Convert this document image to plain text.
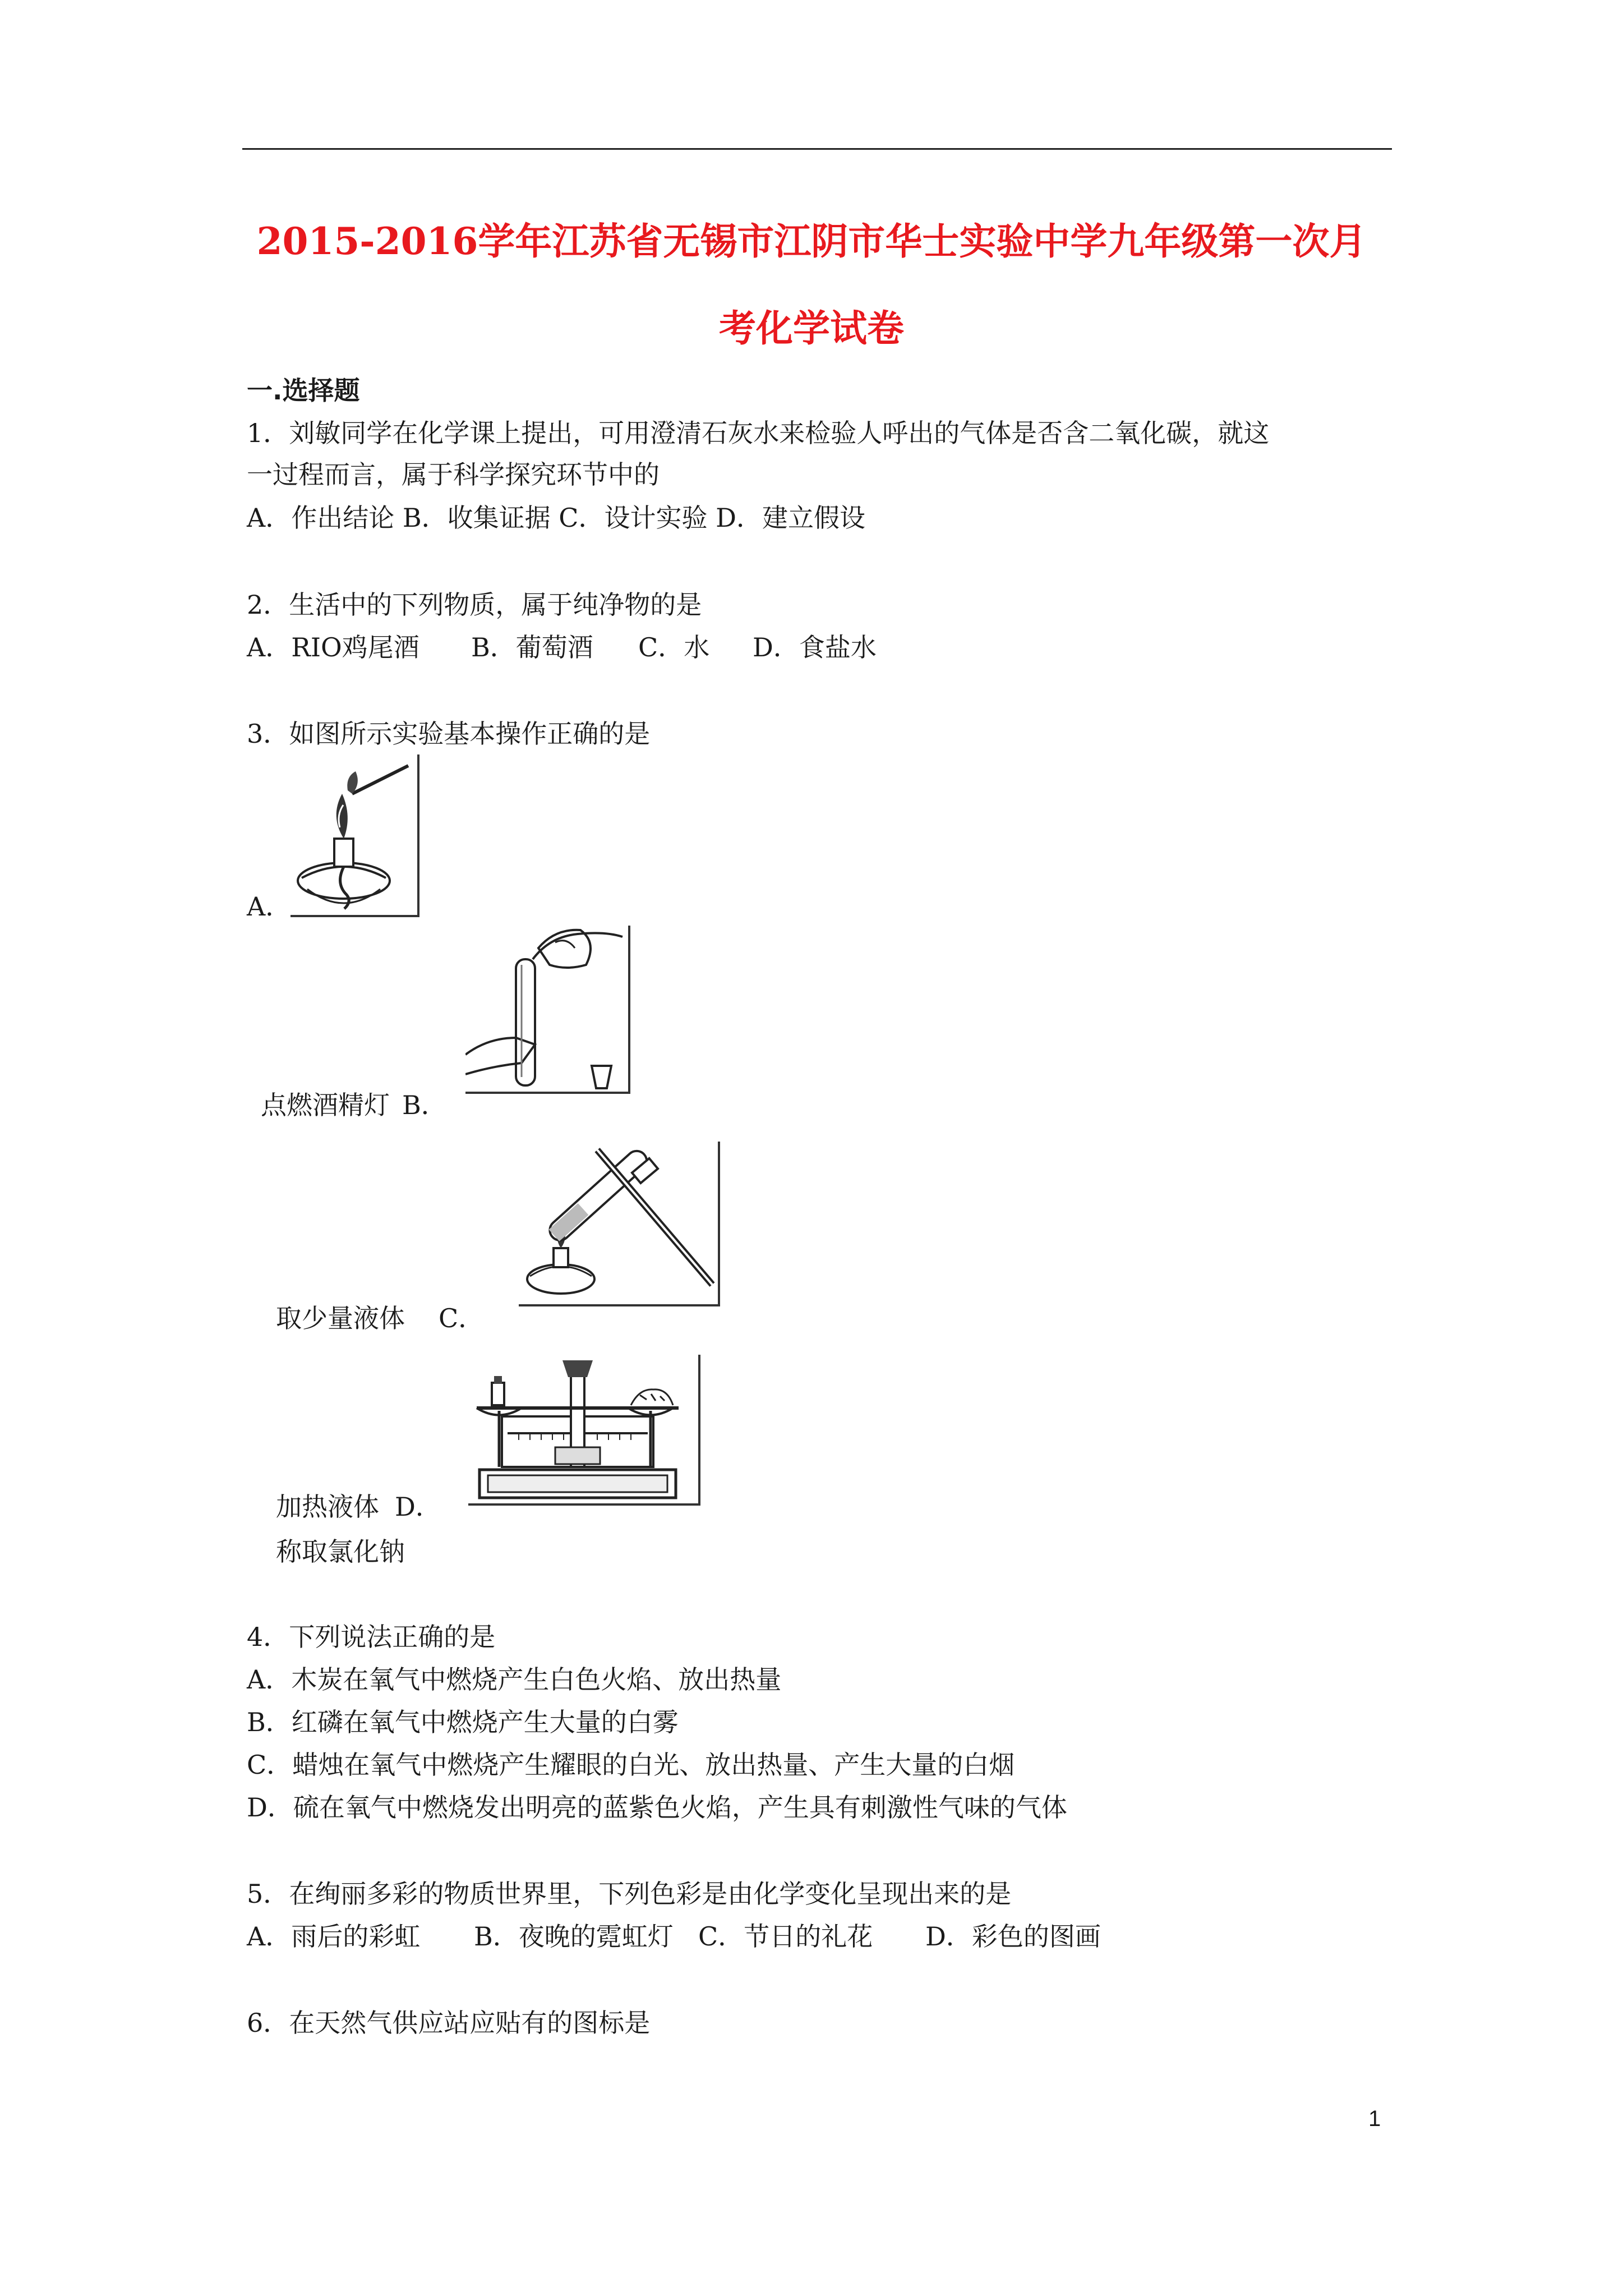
2015-2016学年江苏省无锡市江阴市华士实验中学九年级第一次月
考化学试卷
一.选择题
1．刘敏同学在化学课上提出，可用澄清石灰水来检验人呼出的气体是否含二氧化碳，就这
一过程而言，属于科学探究环节中的
A．作出结论 B．收集证据 C．设计实验 D．建立假设
2．生活中的下列物质，属于纯净物的是
A．RIO鸡尾酒 B．葡萄酒 C．水 D．食盐水
3．如图所示实验基本操作正确的是
A．
点燃酒精灯 B．
取少量液体 C．
加热液体 D．
称取氯化钠
4．下列说法正确的是
A．木炭在氧气中燃烧产生白色火焰、放出热量
B．红磷在氧气中燃烧产生大量的白雾
C．蜡烛在氧气中燃烧产生耀眼的白光、放出热量、产生大量的白烟
D．硫在氧气中燃烧发出明亮的蓝紫色火焰，产生具有刺激性气味的气体
5．在绚丽多彩的物质世界里，下列色彩是由化学变化呈现出来的是
A．雨后的彩虹 B．夜晚的霓虹灯 C．节日的礼花 D．彩色的图画
6．在天然气供应站应贴有的图标是
1
